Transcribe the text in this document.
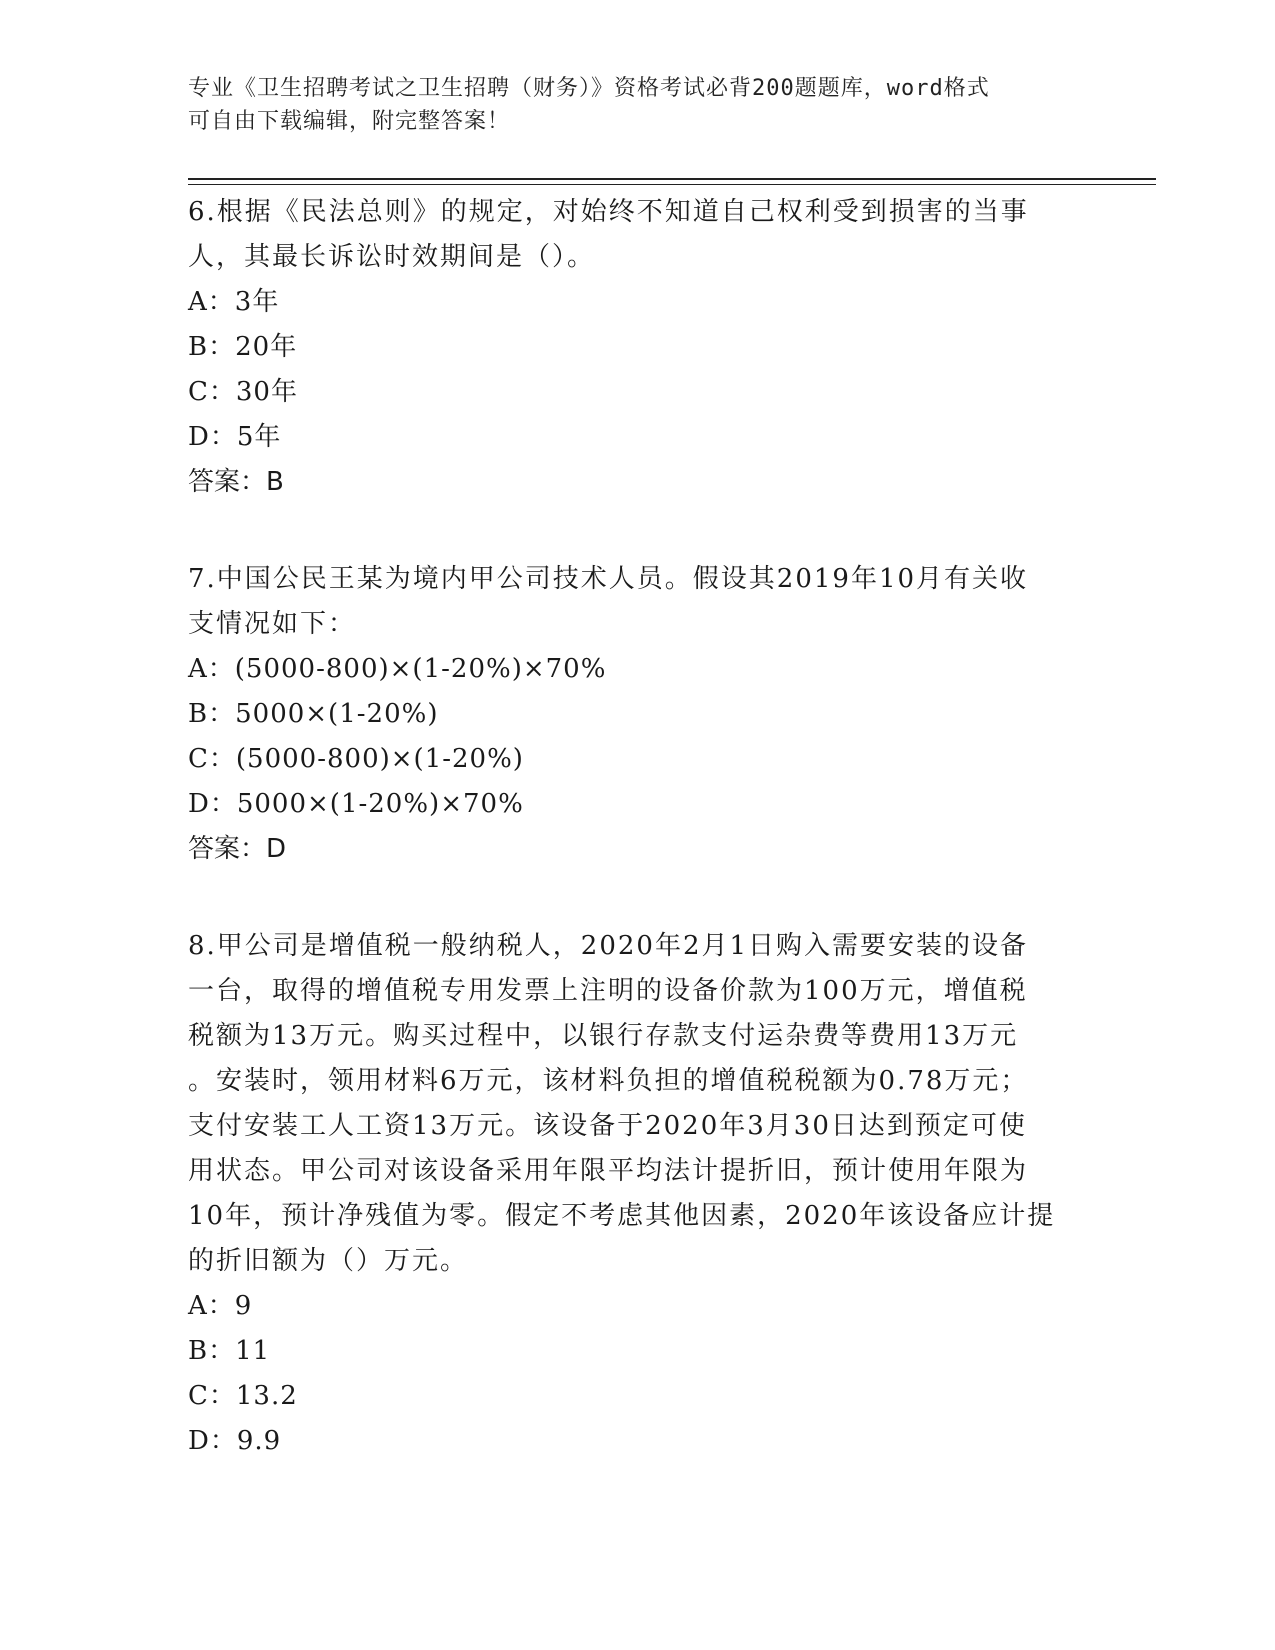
专业《卫生招聘考试之卫生招聘（财务）》资格考试必背200题题库，word格式
可自由下载编辑，附完整答案！

6.根据《民法总则》的规定，对始终不知道自己权利受到损害的当事

人，其最长诉讼时效期间是（）。

A：3年

B：20年

C：30年

D：5年

答案：B

7.中国公民王某为境内甲公司技术人员。假设其2019年10月有关收

支情况如下：

A：(5000-800)×(1-20%)×70%

B：5000×(1-20%)

C：(5000-800)×(1-20%)

D：5000×(1-20%)×70%

答案：D

8.甲公司是增值税一般纳税人，2020年2月1日购入需要安装的设备

一台，取得的增值税专用发票上注明的设备价款为100万元，增值税

税额为13万元。购买过程中，以银行存款支付运杂费等费用13万元

。安装时，领用材料6万元，该材料负担的增值税税额为0.78万元；

支付安装工人工资13万元。该设备于2020年3月30日达到预定可使

用状态。甲公司对该设备采用年限平均法计提折旧，预计使用年限为

10年，预计净残值为零。假定不考虑其他因素，2020年该设备应计提

的折旧额为（）万元。

A：9

B：11

C：13.2

D：9.9
